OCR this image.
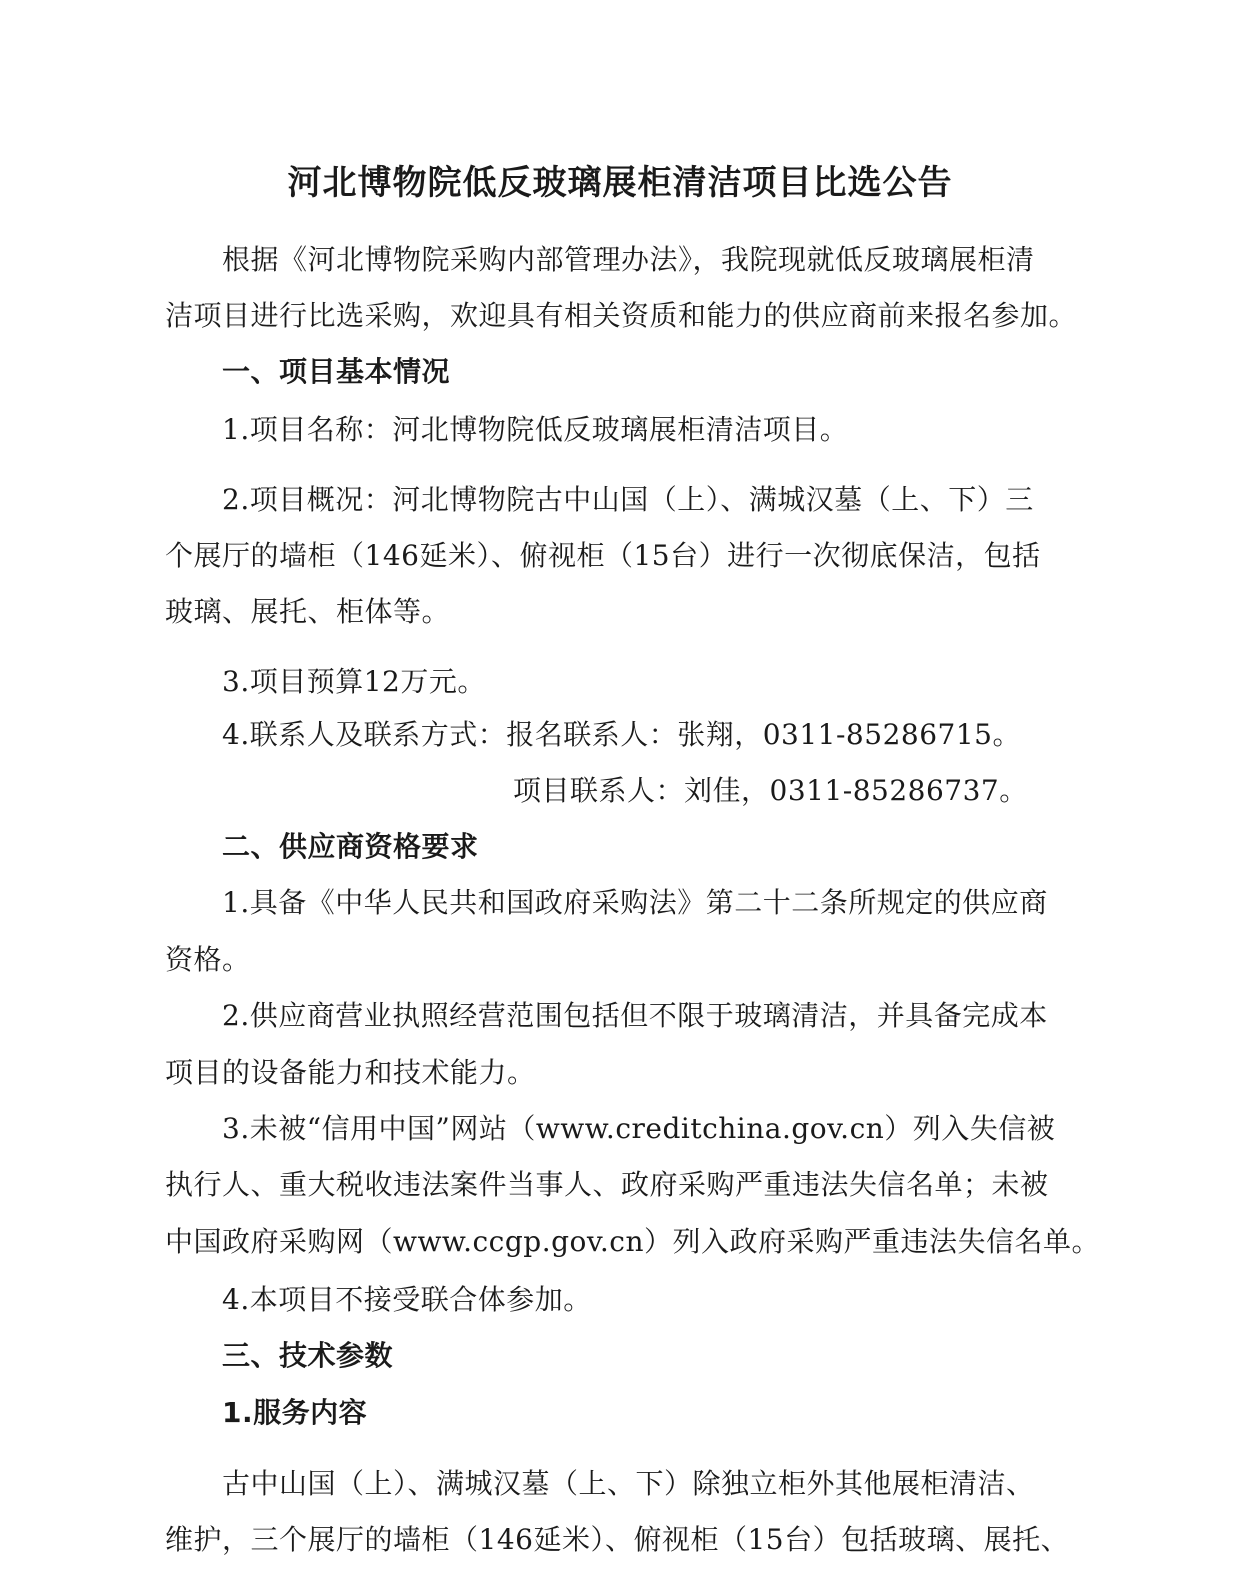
河北博物院低反玻璃展柜清洁项目比选公告
根据《河北博物院采购内部管理办法》，我院现就低反玻璃展柜清
洁项目进行比选采购，欢迎具有相关资质和能力的供应商前来报名参加。
一、项目基本情况
1.项目名称：河北博物院低反玻璃展柜清洁项目。
2.项目概况：河北博物院古中山国（上）、满城汉墓（上、下）三
个展厅的墙柜（146延米）、俯视柜（15台）进行一次彻底保洁，包括
玻璃、展托、柜体等。
3.项目预算12万元。
4.联系人及联系方式：报名联系人：张翔，0311-85286715。
项目联系人：刘佳，0311-85286737。
二、供应商资格要求
1.具备《中华人民共和国政府采购法》第二十二条所规定的供应商
资格。
2.供应商营业执照经营范围包括但不限于玻璃清洁，并具备完成本
项目的设备能力和技术能力。
3.未被“信用中国”网站（www.creditchina.gov.cn）列入失信被
执行人、重大税收违法案件当事人、政府采购严重违法失信名单；未被
中国政府采购网（www.ccgp.gov.cn）列入政府采购严重违法失信名单。
4.本项目不接受联合体参加。
三、技术参数
1.服务内容
古中山国（上）、满城汉墓（上、下）除独立柜外其他展柜清洁、
维护，三个展厅的墙柜（146延米）、俯视柜（15台）包括玻璃、展托、
